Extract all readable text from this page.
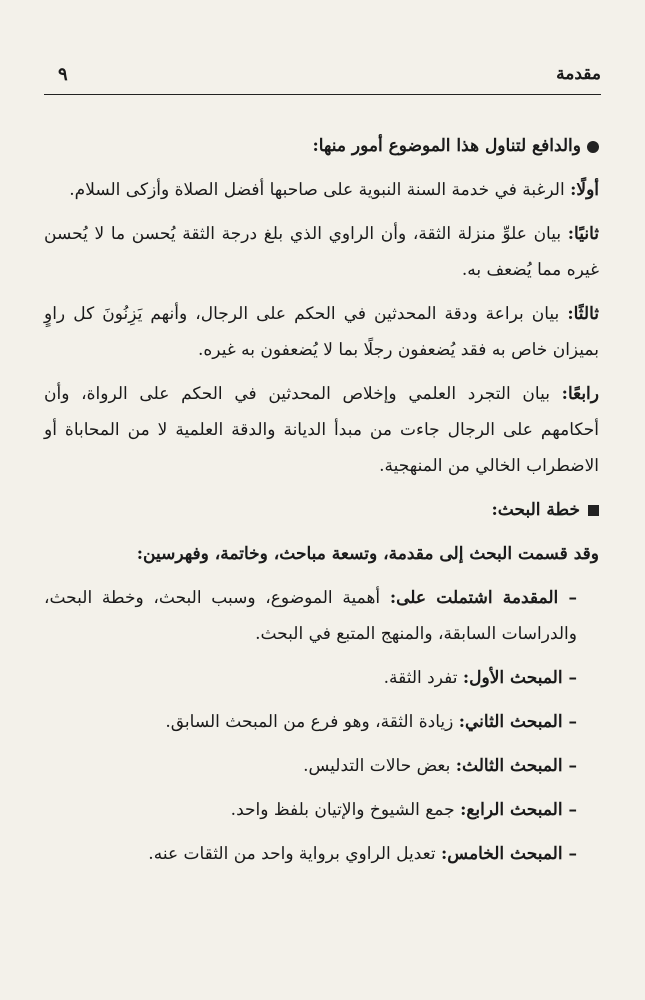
مقدمة
٩

والدافع لتناول هذا الموضوع أمور منها:

أولًا: الرغبة في خدمة السنة النبوية على صاحبها أفضل الصلاة وأزكى السلام.

ثانيًا: بيان علوِّ منزلة الثقة، وأن الراوي الذي بلغ درجة الثقة يُحسن ما لا يُحسن غيره مما يُضعف به.

ثالثًا: بيان براعة ودقة المحدثين في الحكم على الرجال، وأنهم يَزِنُونَ كل راوٍ بميزان خاص به فقد يُضعفون رجلًا بما لا يُضعفون به غيره.

رابعًا: بيان التجرد العلمي وإخلاص المحدثين في الحكم على الرواة، وأن أحكامهم على الرجال جاءت من مبدأ الديانة والدقة العلمية لا من المحاباة أو الاضطراب الخالي من المنهجية.

خطة البحث:

وقد قسمت البحث إلى مقدمة، وتسعة مباحث، وخاتمة، وفهرسين:

– المقدمة اشتملت على: أهمية الموضوع، وسبب البحث، وخطة البحث، والدراسات السابقة، والمنهج المتبع في البحث.

– المبحث الأول: تفرد الثقة.

– المبحث الثاني: زيادة الثقة، وهو فرع من المبحث السابق.

– المبحث الثالث: بعض حالات التدليس.

– المبحث الرابع: جمع الشيوخ والإتيان بلفظ واحد.

– المبحث الخامس: تعديل الراوي برواية واحد من الثقات عنه.
